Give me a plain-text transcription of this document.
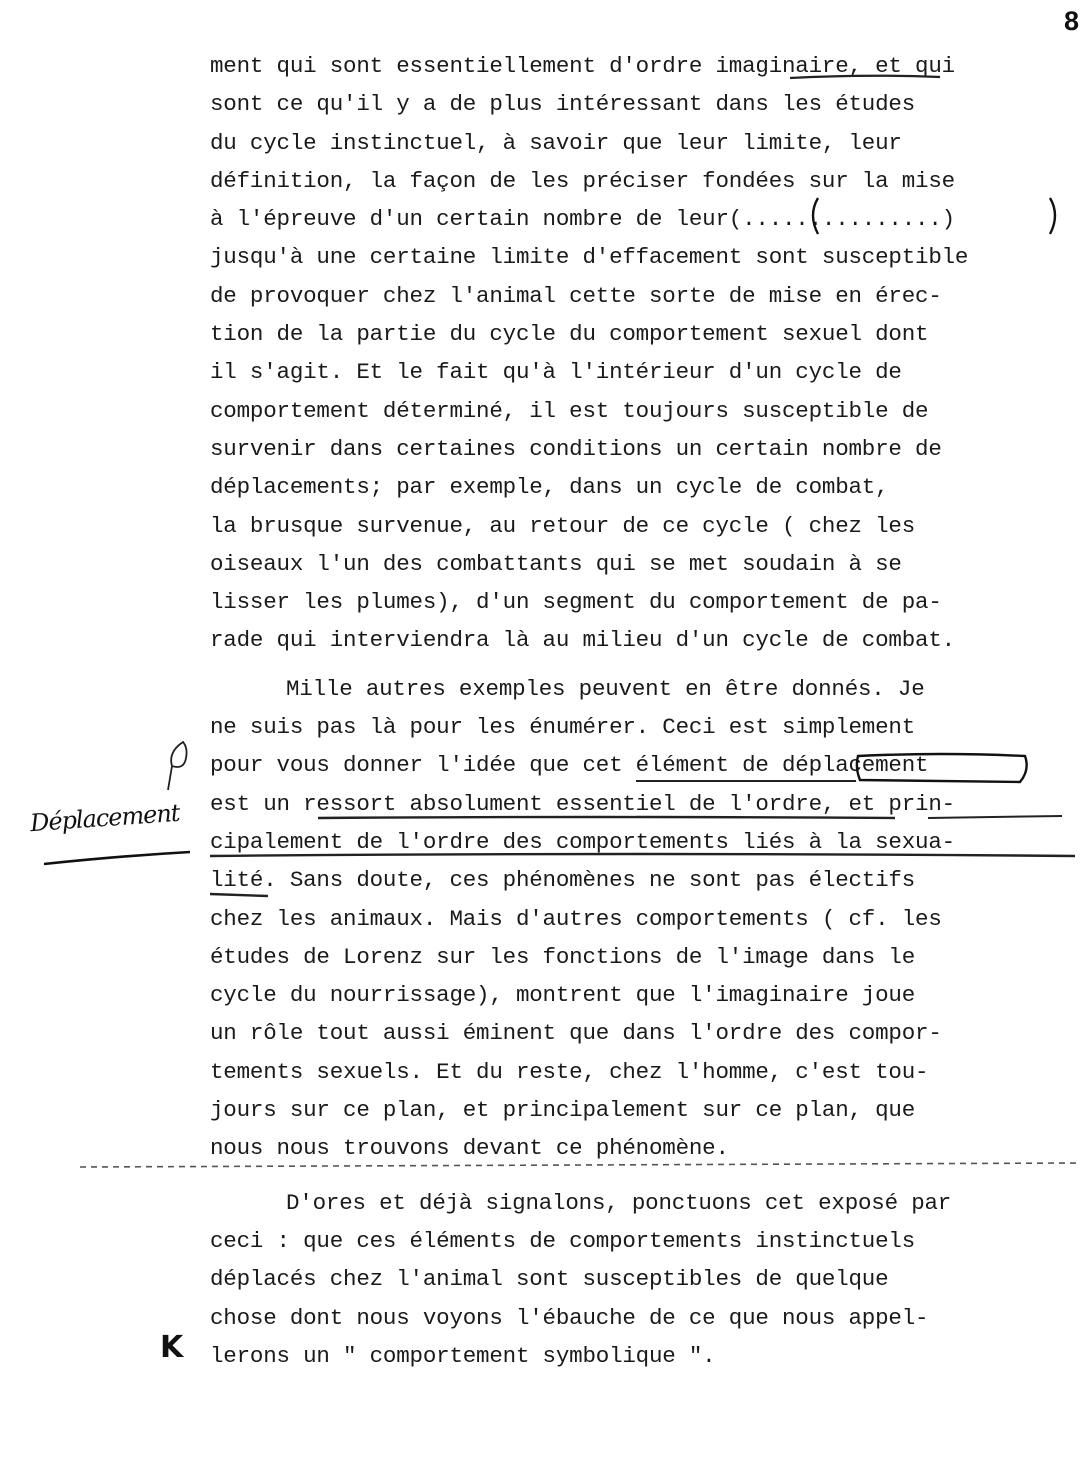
8
ment qui sont essentiellement d'ordre imaginaire, et qui
sont ce qu'il y a de plus intéressant dans les études
du cycle instinctuel, à savoir que leur limite, leur
définition, la façon de les préciser fondées sur la mise
à l'épreuve d'un certain nombre de leur(...............)
jusqu'à une certaine limite d'effacement sont susceptible
de provoquer chez l'animal cette sorte de mise en érec-
tion de la partie du cycle du comportement sexuel dont
il s'agit. Et le fait qu'à l'intérieur d'un cycle de
comportement déterminé, il est toujours susceptible de
survenir dans certaines conditions un certain nombre de
déplacements; par exemple, dans un cycle de combat,
la brusque survenue, au retour de ce cycle ( chez les
oiseaux l'un des combattants qui se met soudain à se
lisser les plumes), d'un segment du comportement de pa-
rade qui interviendra là au milieu d'un cycle de combat.
Mille autres exemples peuvent en être donnés. Je
ne suis pas là pour les énumérer. Ceci est simplement
pour vous donner l'idée que cet élément de déplacement
est un ressort absolument essentiel de l'ordre, et prin-
cipalement de l'ordre des comportements liés à la sexua-
lité. Sans doute, ces phénomènes ne sont pas électifs
chez les animaux. Mais d'autres comportements ( cf. les
études de Lorenz sur les fonctions de l'image dans le
cycle du nourrissage), montrent que l'imaginaire joue
un rôle tout aussi éminent que dans l'ordre des compor-
tements sexuels. Et du reste, chez l'homme, c'est tou-
jours sur ce plan, et principalement sur ce plan, que
nous nous trouvons devant ce phénomène.
D'ores et déjà signalons, ponctuons cet exposé par
ceci : que ces éléments de comportements instinctuels
déplacés chez l'animal sont susceptibles de quelque
chose dont nous voyons l'ébauche de ce que nous appel-
lerons un " comportement symbolique ".
Déplacement
K
